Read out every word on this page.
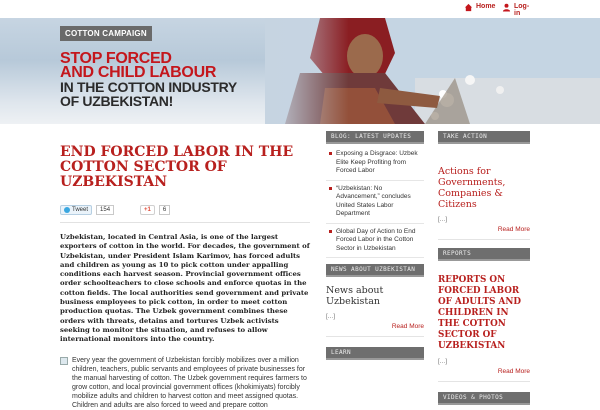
Home	Log-in
COTTON CAMPAIGN
STOP FORCED
AND CHILD LABOUR
IN THE COTTON INDUSTRY
OF UZBEKISTAN!
END FORCED LABOR IN THE COTTON SECTOR OF UZBEKISTAN
Tweet	154	+1	6

Uzbekistan, located in Central Asia, is one of the largest exporters of cotton in the world. For decades, the government of Uzbekistan, under President Islam Karimov, has forced adults and children as young as 10 to pick cotton under appalling conditions each harvest season. Provincial government offices order schoolteachers to close schools and enforce quotas in the cotton fields. The local authorities send government and private business employees to pick cotton, in order to meet cotton production quotas. The Uzbek government combines these orders with threats, detains and tortures Uzbek activists seeking to monitor the situation, and refuses to allow international monitors into the country.

Every year the government of Uzbekistan forcibly mobilizes over a million children, teachers, public servants and employees of private businesses for the manual harvesting of cotton. The Uzbek government requires farmers to grow cotton, and local provincial government offices (khokimiyats) forcibly mobilize adults and children to harvest cotton and meet assigned quotas. Children and adults are also forced to weed and prepare cotton
BLOG: LATEST UPDATES
Exposing a Disgrace: Uzbek Elite Keep Profiting from Forced Labor
“Uzbekistan: No Advancement,” concludes United States Labor Department
Global Day of Action to End Forced Labor in the Cotton Sector in Uzbekistan
NEWS ABOUT UZBEKISTAN
News about Uzbekistan
[...]
Read More
LEARN
TAKE ACTION
Actions for Governments, Companies & Citizens
[...]
Read More
REPORTS
REPORTS ON FORCED LABOR OF ADULTS AND CHILDREN IN THE COTTON SECTOR OF UZBEKISTAN
[...]
Read More
VIDEOS & PHOTOS
